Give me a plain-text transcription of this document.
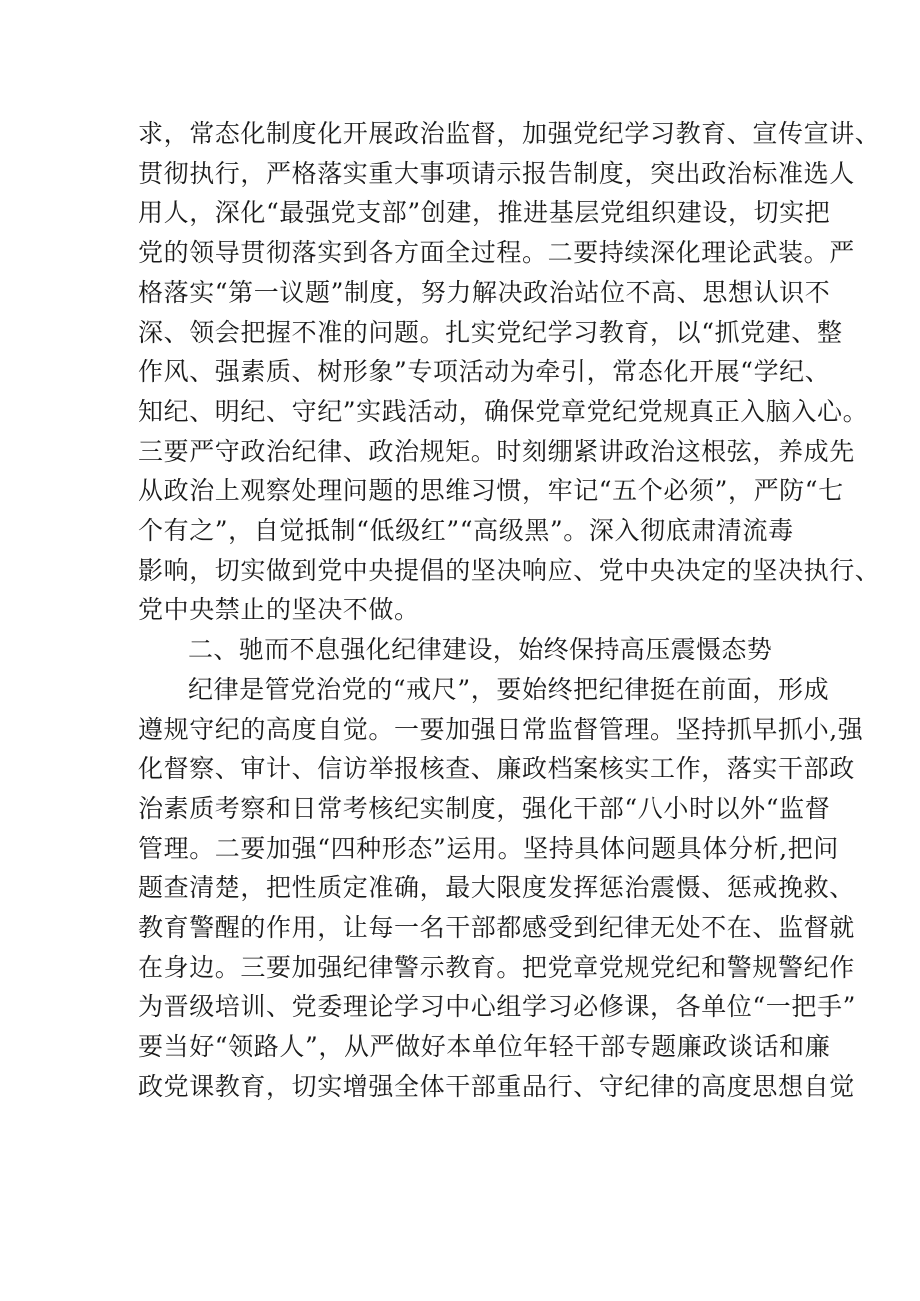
求，常态化制度化开展政治监督，加强党纪学习教育、宣传宣讲、
贯彻执行，严格落实重大事项请示报告制度，突出政治标准选人
用人，深化“最强党支部”创建，推进基层党组织建设，切实把
党的领导贯彻落实到各方面全过程。二要持续深化理论武装。严
格落实“第一议题”制度，努力解决政治站位不高、思想认识不
深、领会把握不准的问题。扎实党纪学习教育，以“抓党建、整
作风、强素质、树形象”专项活动为牵引，常态化开展“学纪、
知纪、明纪、守纪”实践活动，确保党章党纪党规真正入脑入心。
三要严守政治纪律、政治规矩。时刻绷紧讲政治这根弦，养成先
从政治上观察处理问题的思维习惯，牢记“五个必须”，严防“七
个有之”，自觉抵制“低级红”“高级黑”。深入彻底肃清流毒
影响，切实做到党中央提倡的坚决响应、党中央决定的坚决执行、
党中央禁止的坚决不做。
二、驰而不息强化纪律建设，始终保持高压震慑态势
纪律是管党治党的“戒尺”，要始终把纪律挺在前面，形成
遵规守纪的高度自觉。一要加强日常监督管理。坚持抓早抓小,强
化督察、审计、信访举报核查、廉政档案核实工作，落实干部政
治素质考察和日常考核纪实制度，强化干部“八小时以外“监督
管理。二要加强“四种形态”运用。坚持具体问题具体分析,把问
题查清楚，把性质定准确，最大限度发挥惩治震慑、惩戒挽救、
教育警醒的作用，让每一名干部都感受到纪律无处不在、监督就
在身边。三要加强纪律警示教育。把党章党规党纪和警规警纪作
为晋级培训、党委理论学习中心组学习必修课，各单位“一把手”
要当好“领路人”，从严做好本单位年轻干部专题廉政谈话和廉
政党课教育，切实增强全体干部重品行、守纪律的高度思想自觉
